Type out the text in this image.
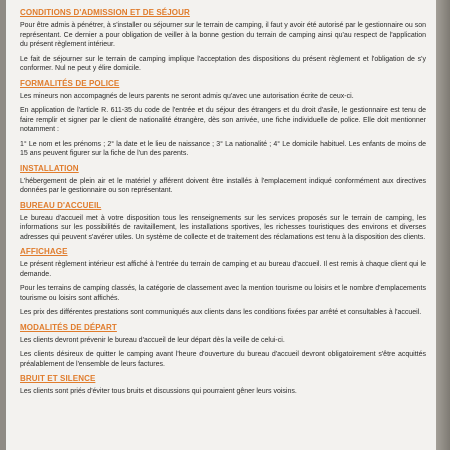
CONDITIONS D'ADMISSION ET DE SÉJOUR

Pour être admis à pénétrer, à s'installer ou séjourner sur le terrain de camping, il faut y avoir été autorisé par le gestionnaire ou son représentant. Ce dernier a pour obligation de veiller à la bonne gestion du terrain de camping ainsi qu'au respect de l'application du présent règlement intérieur.

Le fait de séjourner sur le terrain de camping implique l'acceptation des dispositions du présent règlement et l'obligation de s'y conformer. Nul ne peut y élire domicile.

FORMALITÉS DE POLICE

Les mineurs non accompagnés de leurs parents ne seront admis qu'avec une autorisation écrite de ceux-ci.

En application de l'article R. 611-35 du code de l'entrée et du séjour des étrangers et du droit d'asile, le gestionnaire est tenu de faire remplir et signer par le client de nationalité étrangère, dès son arrivée, une fiche individuelle de police. Elle doit mentionner notamment :

1° Le nom et les prénoms ; 2° la date et le lieu de naissance ; 3° La nationalité ; 4° Le domicile habituel. Les enfants de moins de 15 ans peuvent figurer sur la fiche de l'un des parents.

INSTALLATION

L'hébergement de plein air et le matériel y afférent doivent être installés à l'emplacement indiqué conformément aux directives données par le gestionnaire ou son représentant.

BUREAU D'ACCUEIL

Le bureau d'accueil met à votre disposition tous les renseignements sur les services proposés sur le terrain de camping, les informations sur les possibilités de ravitaillement, les installations sportives, les richesses touristiques des environs et diverses adresses qui peuvent s'avérer utiles. Un système de collecte et de traitement des réclamations est tenu à la disposition des clients.

AFFICHAGE

Le présent règlement intérieur est affiché à l'entrée du terrain de camping et au bureau d'accueil. Il est remis à chaque client qui le demande.

Pour les terrains de camping classés, la catégorie de classement avec la mention tourisme ou loisirs et le nombre d'emplacements tourisme ou loisirs sont affichés.

Les prix des différentes prestations sont communiqués aux clients dans les conditions fixées par arrêté et consultables à l'accueil.

MODALITÉS DE DÉPART

Les clients devront prévenir le bureau d'accueil de leur départ dès la veille de celui-ci.

Les clients désireux de quitter le camping avant l'heure d'ouverture du bureau d'accueil devront obligatoirement s'être acquittés préalablement de l'ensemble de leurs factures.

BRUIT ET SILENCE

Les clients sont priés d'éviter tous bruits et discussions qui pourraient gêner leurs voisins.
